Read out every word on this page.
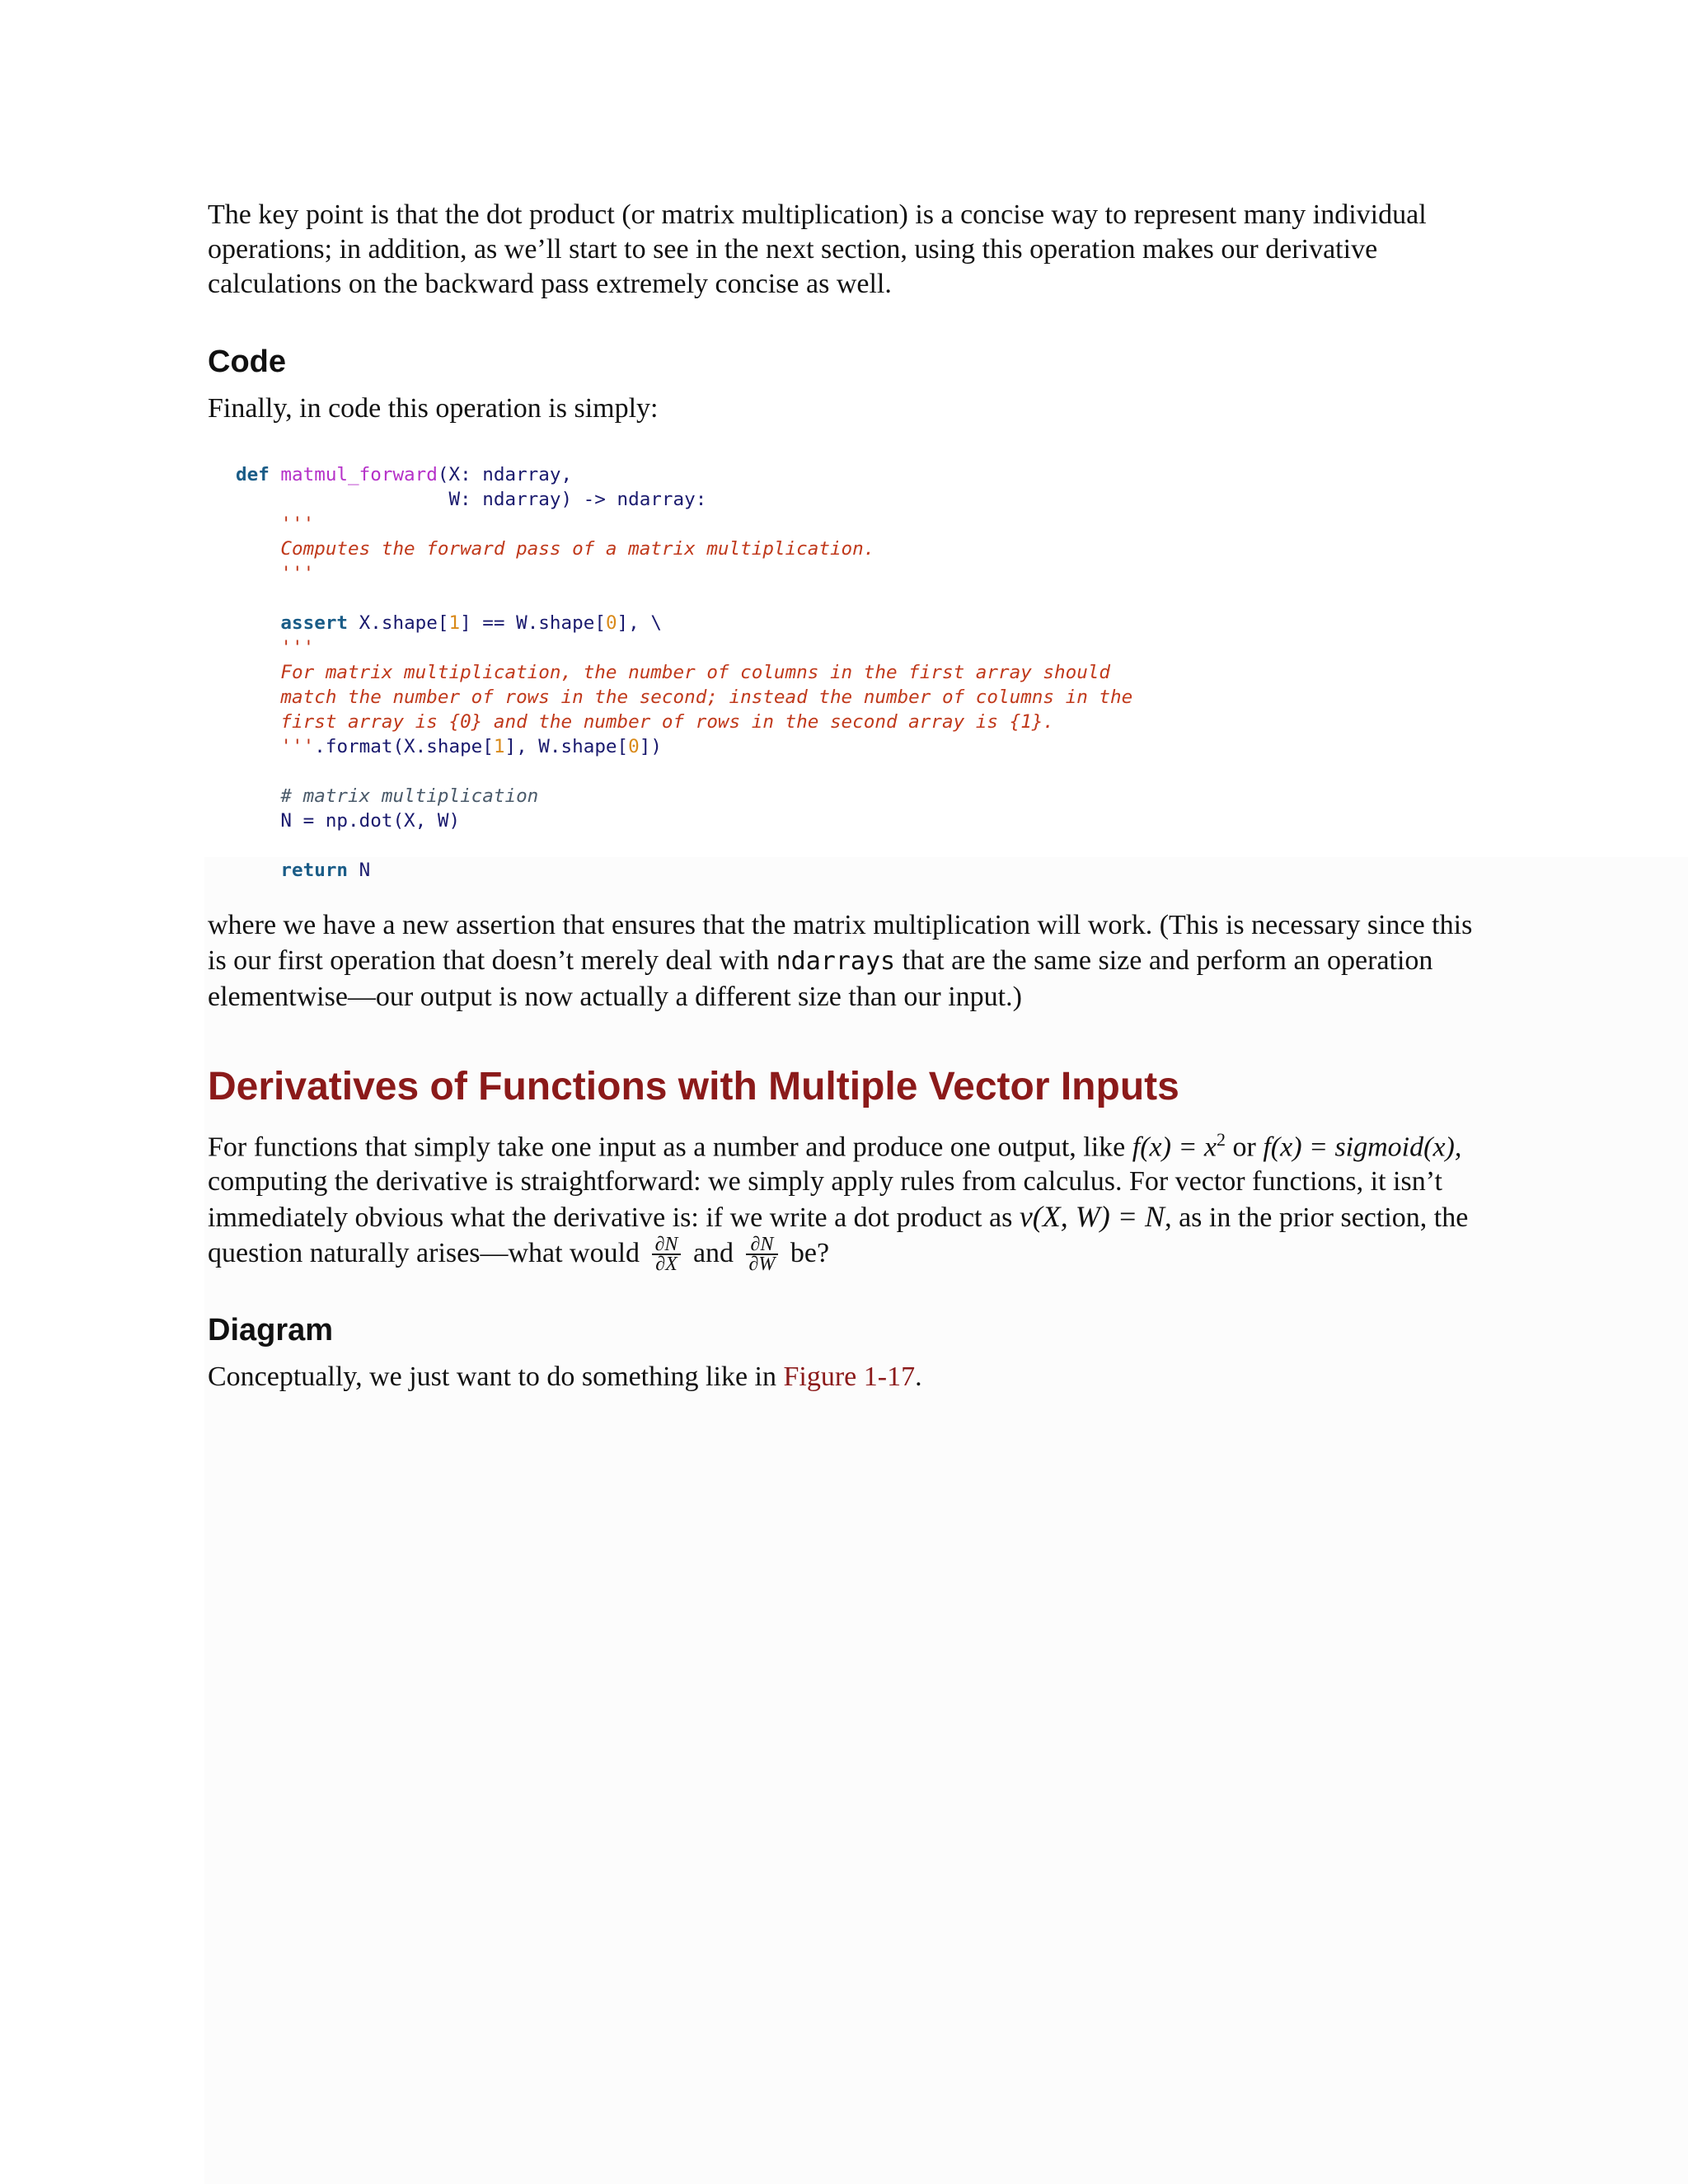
The key point is that the dot product (or matrix multiplication) is a concise way to represent many individual operations; in addition, as we’ll start to see in the next section, using this operation makes our derivative calculations on the backward pass extremely concise as well.

Code

Finally, in code this operation is simply:

def matmul_forward(X: ndarray,
W: ndarray) -> ndarray:
'''
Computes the forward pass of a matrix multiplication.
'''

assert X.shape[1] == W.shape[0], \
'''
For matrix multiplication, the number of columns in the first array should
match the number of rows in the second; instead the number of columns in the
first array is {0} and the number of rows in the second array is {1}.
'''.format(X.shape[1], W.shape[0])

# matrix multiplication
N = np.dot(X, W)

return N

where we have a new assertion that ensures that the matrix multiplication will work. (This is necessary since this is our first operation that doesn’t merely deal with ndarrays that are the same size and perform an operation elementwise—our output is now actually a different size than our input.)

Derivatives of Functions with Multiple Vector Inputs

For functions that simply take one input as a number and produce one output, like $f(x) = x^2$ or f(x) = sigmoid(x), computing the derivative is straightforward: we simply apply rules from calculus. For vector functions, it isn’t immediately obvious what the derivative is: if we write a dot product as ν(X, W) = N, as in the prior section, the question naturally arises—what would $\frac{\partial N}{\partial X}$ and $\frac{\partial N}{\partial W}$ be?

Diagram

Conceptually, we just want to do something like in Figure 1-17.
